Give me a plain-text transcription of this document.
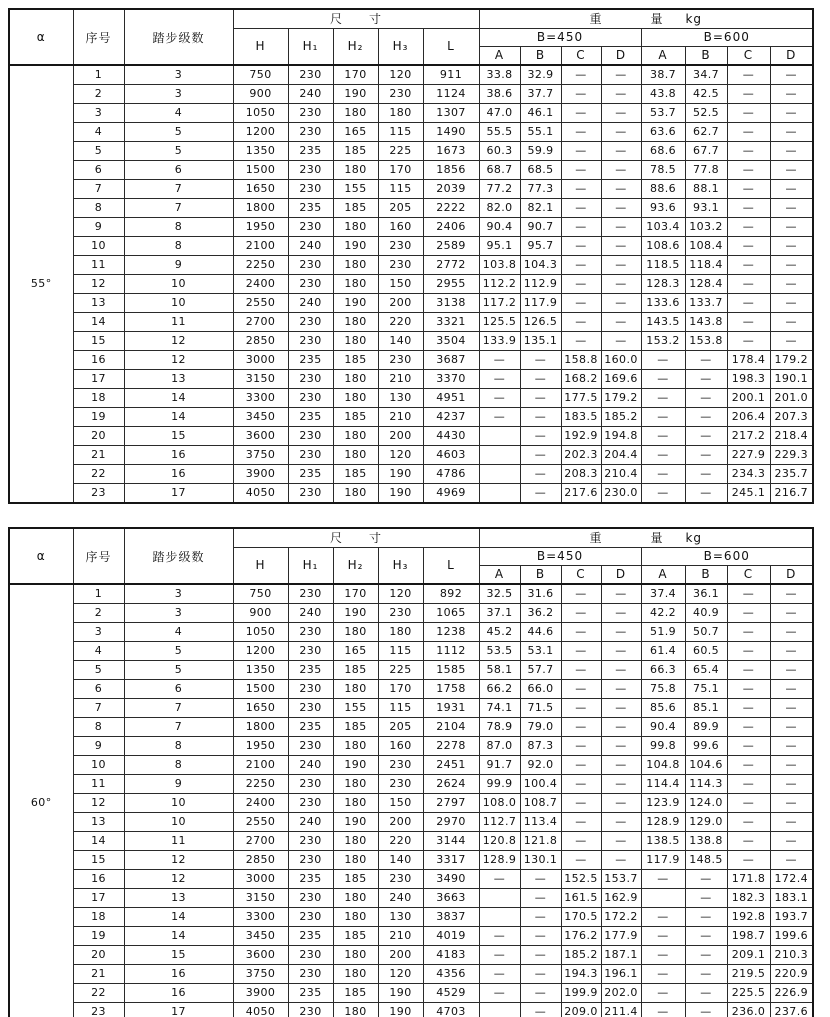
α	序号	踏步级数	尺 寸					重 量 kg							

			H	H₁	H₂	H₃	L	B=450				B=600			
								A	B	C	D	A	B	C	D
55°	1	3	750	230	170	120	911	33.8	32.9	—	—	38.7	34.7	—	—
	2	3	900	240	190	230	1124	38.6	37.7	—	—	43.8	42.5	—	—
	3	4	1050	230	180	180	1307	47.0	46.1	—	—	53.7	52.5	—	—
	4	5	1200	230	165	115	1490	55.5	55.1	—	—	63.6	62.7	—	—
	5	5	1350	235	185	225	1673	60.3	59.9	—	—	68.6	67.7	—	—
	6	6	1500	230	180	170	1856	68.7	68.5	—	—	78.5	77.8	—	—
	7	7	1650	230	155	115	2039	77.2	77.3	—	—	88.6	88.1	—	—
	8	7	1800	235	185	205	2222	82.0	82.1	—	—	93.6	93.1	—	—
	9	8	1950	230	180	160	2406	90.4	90.7	—	—	103.4	103.2	—	—
	10	8	2100	240	190	230	2589	95.1	95.7	—	—	108.6	108.4	—	—
	11	9	2250	230	180	230	2772	103.8	104.3	—	—	118.5	118.4	—	—
	12	10	2400	230	180	150	2955	112.2	112.9	—	—	128.3	128.4	—	—
	13	10	2550	240	190	200	3138	117.2	117.9	—	—	133.6	133.7	—	—
	14	11	2700	230	180	220	3321	125.5	126.5	—	—	143.5	143.8	—	—
	15	12	2850	230	180	140	3504	133.9	135.1	—	—	153.2	153.8	—	—
	16	12	3000	235	185	230	3687	—	—	158.8	160.0	—	—	178.4	179.2
	17	13	3150	230	180	210	3370	—	—	168.2	169.6	—	—	198.3	190.1
	18	14	3300	230	180	130	4951	—	—	177.5	179.2	—	—	200.1	201.0
	19	14	3450	235	185	210	4237	—	—	183.5	185.2	—	—	206.4	207.3
	20	15	3600	230	180	200	4430		—	192.9	194.8	—	—	217.2	218.4
	21	16	3750	230	180	120	4603		—	202.3	204.4	—	—	227.9	229.3
	22	16	3900	235	185	190	4786		—	208.3	210.4	—	—	234.3	235.7
	23	17	4050	230	180	190	4969		—	217.6	230.0	—	—	245.1	216.7
α	序号	踏步级数	尺 寸					重 量 kg							

			H	H₁	H₂	H₃	L	B=450				B=600			
								A	B	C	D	A	B	C	D
60°	1	3	750	230	170	120	892	32.5	31.6	—	—	37.4	36.1	—	—
	2	3	900	240	190	230	1065	37.1	36.2	—	—	42.2	40.9	—	—
	3	4	1050	230	180	180	1238	45.2	44.6	—	—	51.9	50.7	—	—
	4	5	1200	230	165	115	1112	53.5	53.1	—	—	61.4	60.5	—	—
	5	5	1350	235	185	225	1585	58.1	57.7	—	—	66.3	65.4	—	—
	6	6	1500	230	180	170	1758	66.2	66.0	—	—	75.8	75.1	—	—
	7	7	1650	230	155	115	1931	74.1	71.5	—	—	85.6	85.1	—	—
	8	7	1800	235	185	205	2104	78.9	79.0	—	—	90.4	89.9	—	—
	9	8	1950	230	180	160	2278	87.0	87.3	—	—	99.8	99.6	—	—
	10	8	2100	240	190	230	2451	91.7	92.0	—	—	104.8	104.6	—	—
	11	9	2250	230	180	230	2624	99.9	100.4	—	—	114.4	114.3	—	—
	12	10	2400	230	180	150	2797	108.0	108.7	—	—	123.9	124.0	—	—
	13	10	2550	240	190	200	2970	112.7	113.4	—	—	128.9	129.0	—	—
	14	11	2700	230	180	220	3144	120.8	121.8	—	—	138.5	138.8	—	—
	15	12	2850	230	180	140	3317	128.9	130.1	—	—	117.9	148.5	—	—
	16	12	3000	235	185	230	3490	—	—	152.5	153.7	—	—	171.8	172.4
	17	13	3150	230	180	240	3663		—	161.5	162.9		—	182.3	183.1
	18	14	3300	230	180	130	3837		—	170.5	172.2	—	—	192.8	193.7
	19	14	3450	235	185	210	4019	—	—	176.2	177.9	—	—	198.7	199.6
	20	15	3600	230	180	200	4183	—	—	185.2	187.1	—	—	209.1	210.3
	21	16	3750	230	180	120	4356	—	—	194.3	196.1	—	—	219.5	220.9
	22	16	3900	235	185	190	4529	—	—	199.9	202.0	—	—	225.5	226.9
	23	17	4050	230	180	190	4703		—	209.0	211.4	—	—	236.0	237.6
